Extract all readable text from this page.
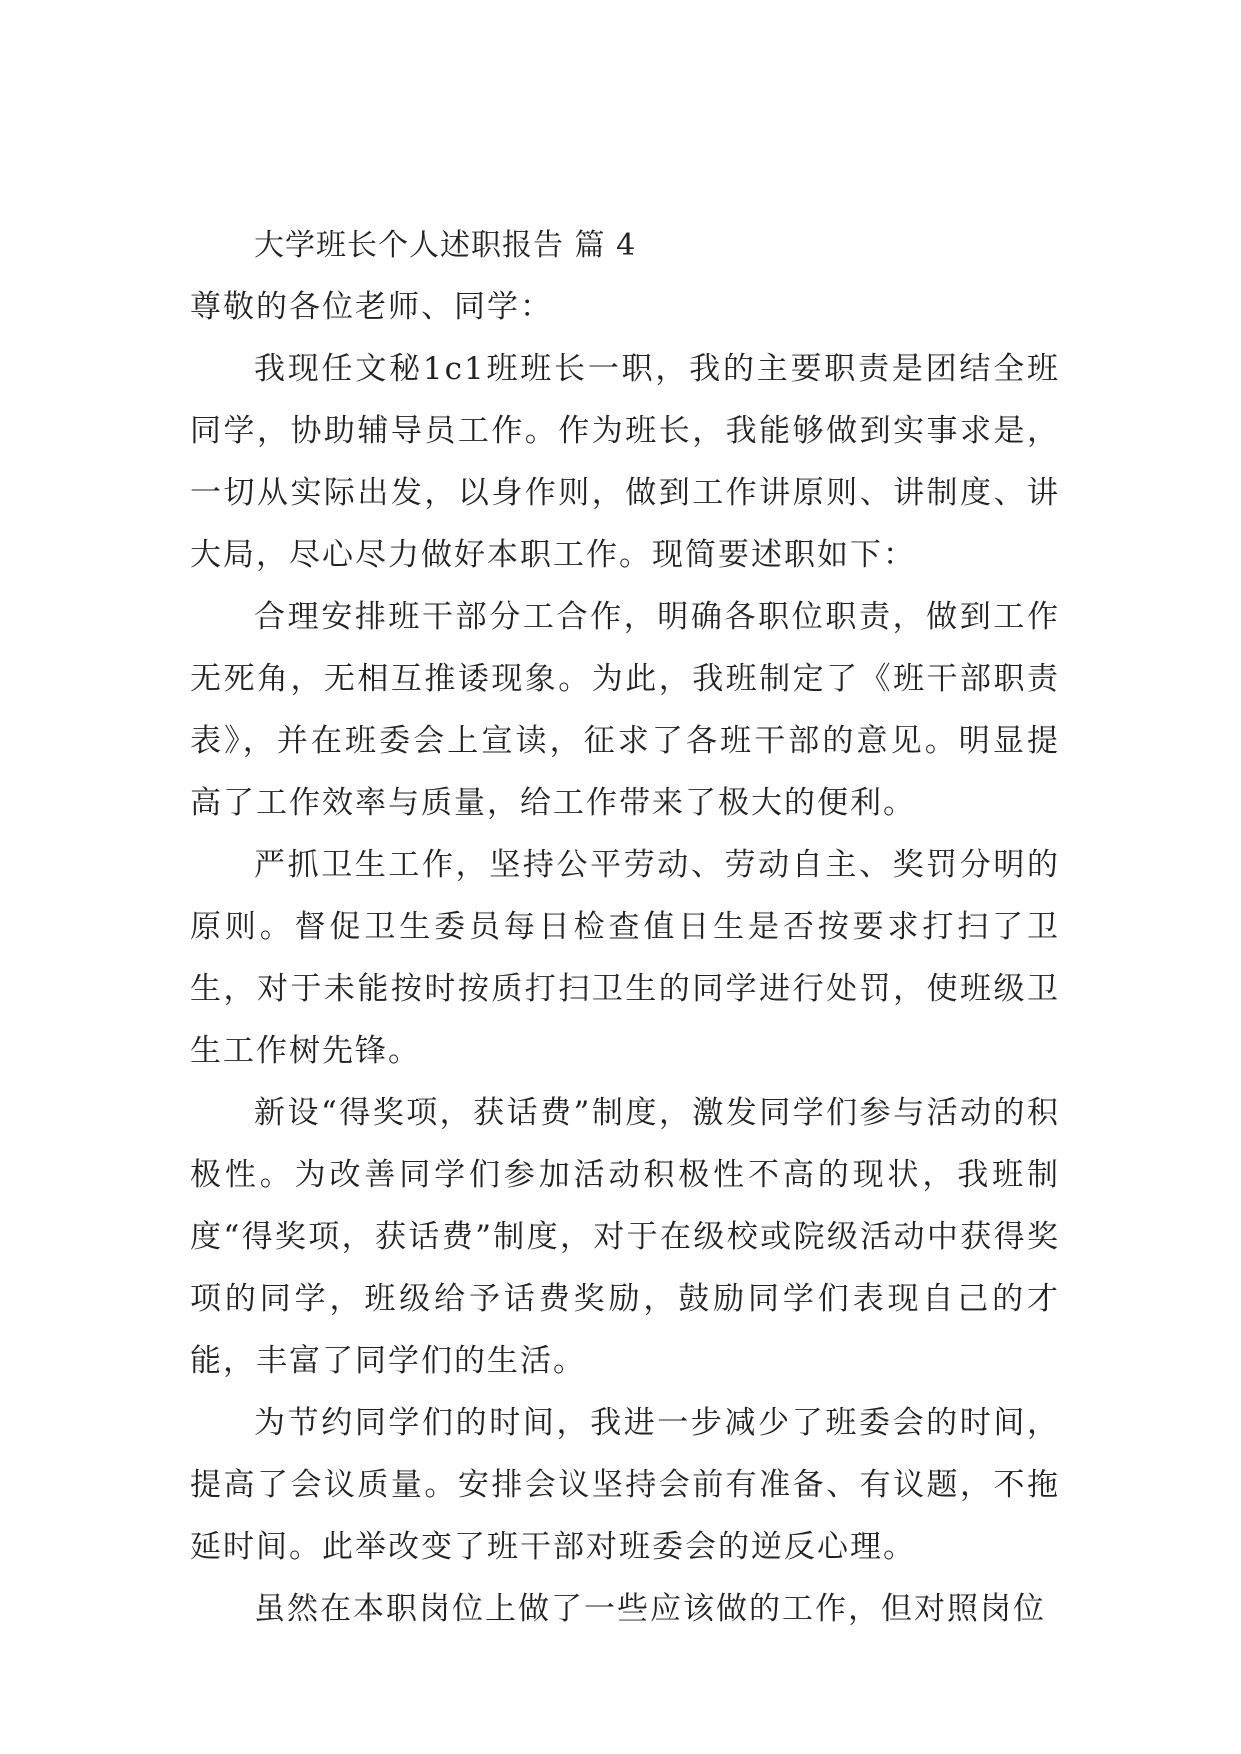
大学班长个人述职报告 篇 4

尊敬的各位老师、同学：

我现任文秘1c1班班长一职，我的主要职责是团结全班同学，协助辅导员工作。作为班长，我能够做到实事求是，一切从实际出发，以身作则，做到工作讲原则、讲制度、讲大局，尽心尽力做好本职工作。现简要述职如下：

合理安排班干部分工合作，明确各职位职责，做到工作无死角，无相互推诿现象。为此，我班制定了《班干部职责表》，并在班委会上宣读，征求了各班干部的意见。明显提高了工作效率与质量，给工作带来了极大的便利。

严抓卫生工作，坚持公平劳动、劳动自主、奖罚分明的原则。督促卫生委员每日检查值日生是否按要求打扫了卫生，对于未能按时按质打扫卫生的同学进行处罚，使班级卫生工作树先锋。

新设“得奖项，获话费”制度，激发同学们参与活动的积极性。为改善同学们参加活动积极性不高的现状，我班制度“得奖项，获话费”制度，对于在级校或院级活动中获得奖项的同学，班级给予话费奖励，鼓励同学们表现自己的才能，丰富了同学们的生活。

为节约同学们的时间，我进一步减少了班委会的时间，提高了会议质量。安排会议坚持会前有准备、有议题，不拖延时间。此举改变了班干部对班委会的逆反心理。

虽然在本职岗位上做了一些应该做的工作，但对照岗位
